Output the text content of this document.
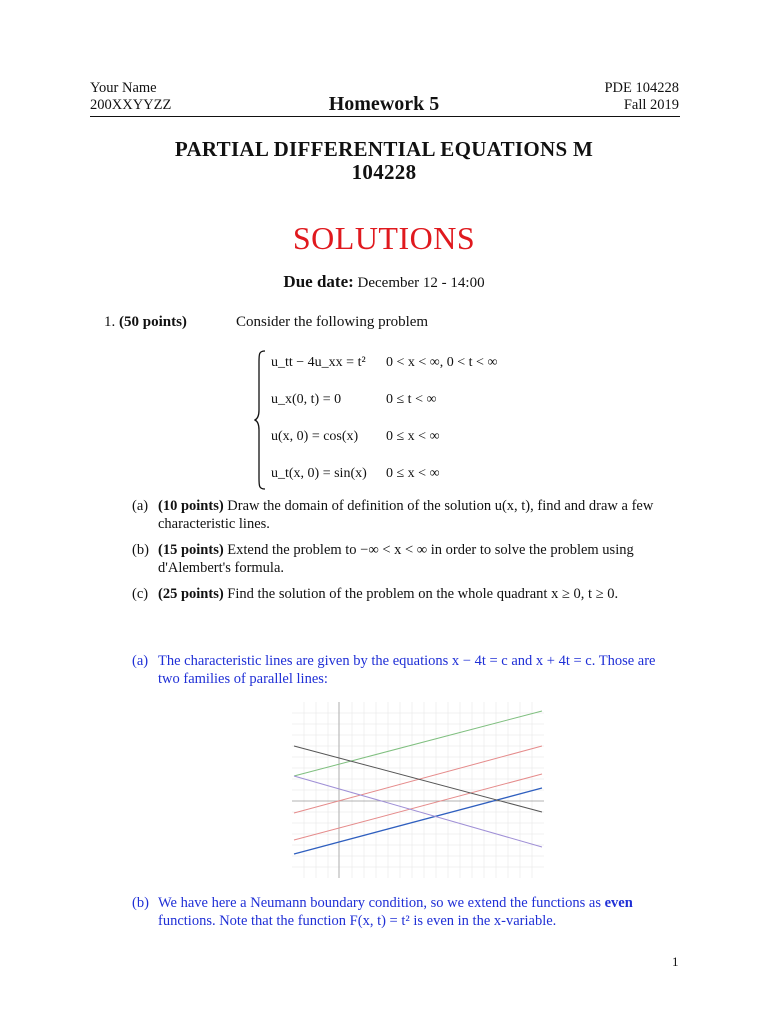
Your Name
200XXYYZZ	Homework 5
PDE 104228
Fall 2019
PARTIAL DIFFERENTIAL EQUATIONS M
104228
SOLUTIONS
Due date: December 12 - 14:00
1. (50 points)	Consider the following problem
u_tt − 4u_xx = t² 0 < x < ∞, 0 < t < ∞
u_x(0, t) = 0	0 ≤ t < ∞
u(x, 0) = cos(x) 0 ≤ x < ∞
u_t(x, 0) = sin(x) 0 ≤ x < ∞
(a) (10 points) Draw the domain of definition of the solution u(x, t), find and draw a few characteristic lines.
(b) (15 points) Extend the problem to −∞ < x < ∞ in order to solve the problem using d'Alembert's formula.
(c) (25 points) Find the solution of the problem on the whole quadrant x ≥ 0, t ≥ 0.
(a) The characteristic lines are given by the equations x − 4t = c and x + 4t = c. Those are two families of parallel lines:
(b) We have here a Neumann boundary condition, so we extend the functions as even functions. Note that the function F(x, t) = t² is even in the x-variable.
1
